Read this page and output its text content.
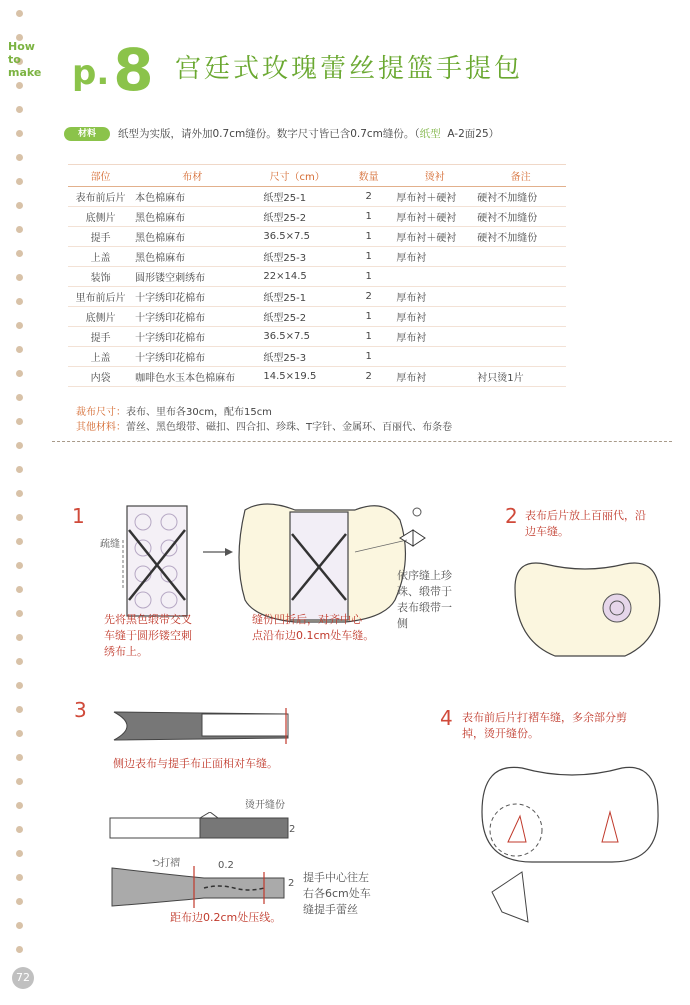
How
to
make p.8 宫廷式玫瑰蕾丝提篮手提包
材料	纸型为实版，请外加0.7cm缝份。数字尺寸皆已含0.7cm缝份。（纸型 A-2面25）
部位	布材	尺寸（cm）	数量	烫衬	备注
表布前后片	本色棉麻布	纸型25-1	2	厚布衬＋硬衬	硬衬不加缝份
底侧片	黑色棉麻布	纸型25-2	1	厚布衬＋硬衬	硬衬不加缝份
提手	黑色棉麻布	36.5×7.5	1	厚布衬＋硬衬	硬衬不加缝份
上盖	黑色棉麻布	纸型25-3	1	厚布衬	
装饰	圆形镂空刺绣布	22×14.5	1		
里布前后片	十字绣印花棉布	纸型25-1	2	厚布衬	
底侧片	十字绣印花棉布	纸型25-2	1	厚布衬	
提手	十字绣印花棉布	36.5×7.5	1	厚布衬	
上盖	十字绣印花棉布	纸型25-3	1		
内袋	咖啡色水玉本色棉麻布	14.5×19.5	2	厚布衬	衬只烫1片
裁布尺寸：表布、里布各30cm，配布15cm
其他材料：蕾丝、黑色缎带、磁扣、四合扣、珍珠、T字针、金属环、百丽代、布条卷
1
疏缝
先将黑色缎带交叉
车缝于圆形镂空刺
绣布上。
缝份凹折后，对齐中心
点沿布边0.1cm处车缝。
依序缝上珍
珠、缎带于
表布缎带一
侧
2 表布后片放上百丽代，沿
边车缝。
3
侧边表布与提手布正面相对车缝。
烫开缝份
2
⮌打褶	0.2
2 提手中心往左
右各6cm处车
缝提手蕾丝
距布边0.2cm处压线。
4 表布前后片打褶车缝，多余部分剪
掉，烫开缝份。
72
